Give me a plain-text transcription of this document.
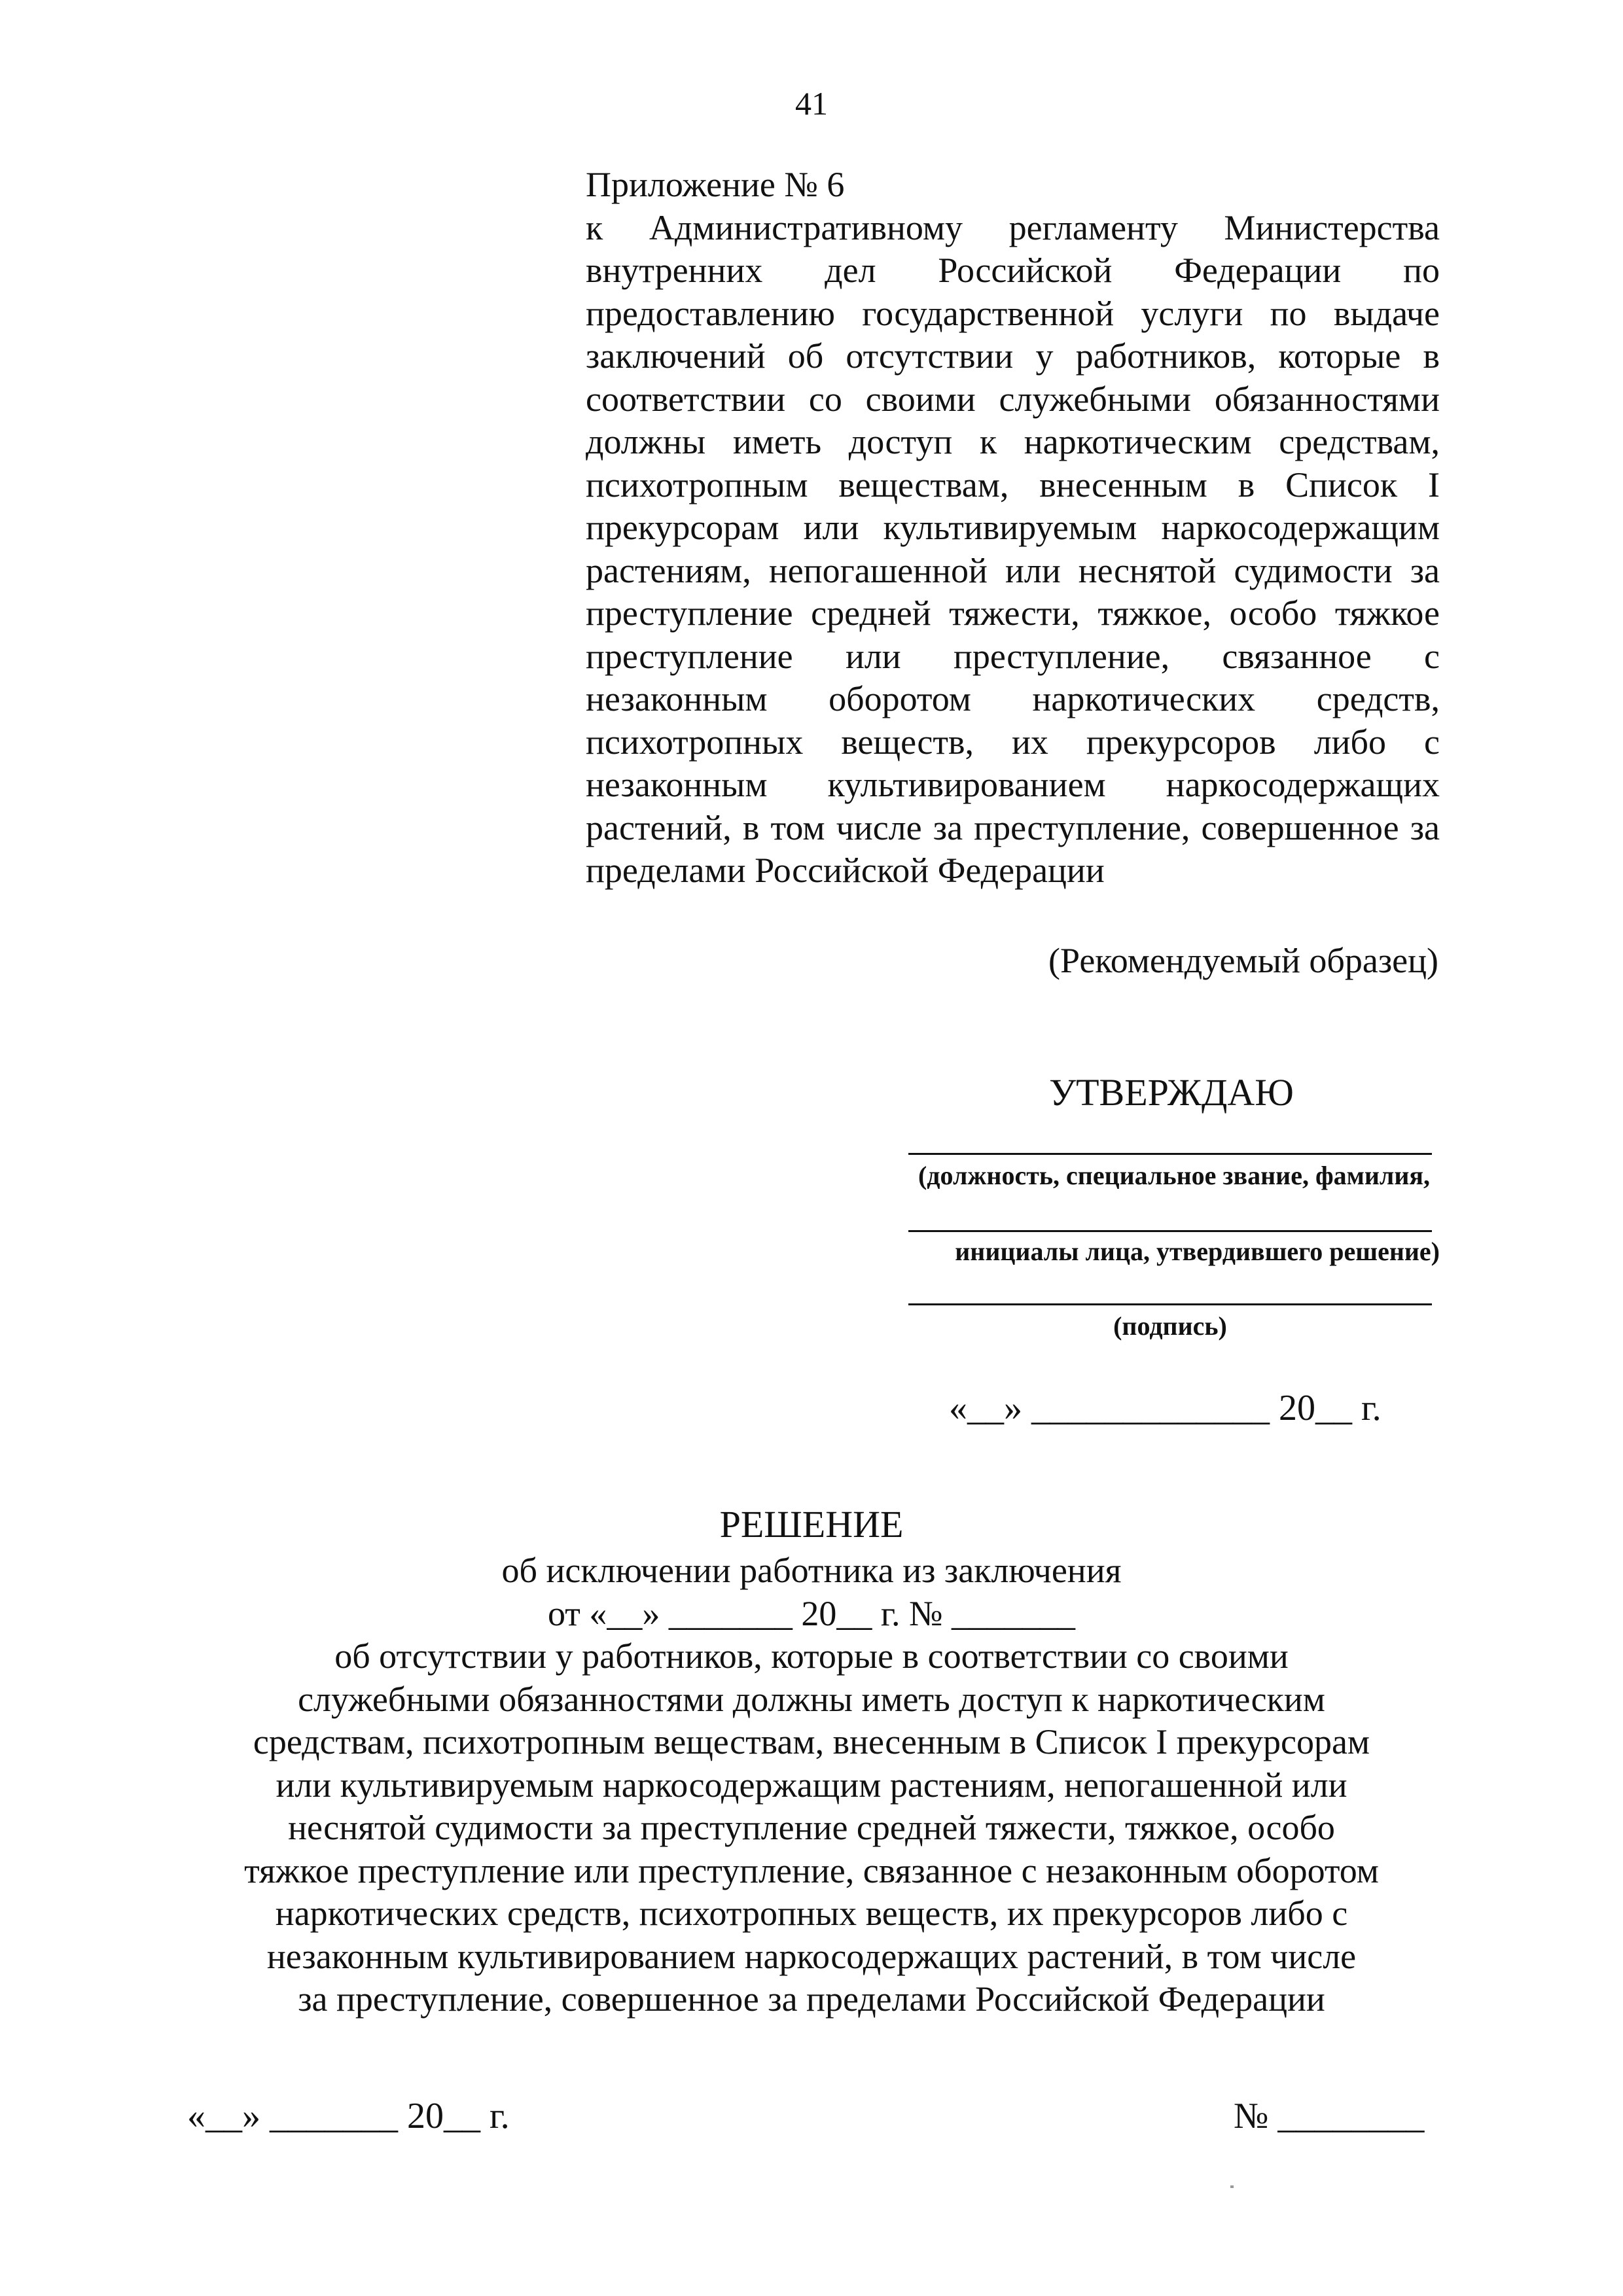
41
Приложение № 6
к Административному регламенту Министерства внутренних дел Российской Федерации по предоставлению государственной услуги по выдаче заключений об отсутствии у работников, которые в соответствии со своими служебными обязанностями должны иметь доступ к наркотическим средствам, психотропным веществам, внесенным в Список I прекурсорам или культивируемым наркосодержащим растениям, непогашенной или неснятой судимости за преступление средней тяжести, тяжкое, особо тяжкое преступление или преступление, связанное с незаконным оборотом наркотических средств, психотропных веществ, их прекурсоров либо с незаконным культивированием наркосодержащих растений, в том числе за преступление, совершенное за пределами Российской Федерации
(Рекомендуемый образец)
УТВЕРЖДАЮ
(должность, специальное звание, фамилия,
инициалы лица, утвердившего решение)
(подпись)
«__» _____________ 20__ г.
РЕШЕНИЕ
об исключении работника из заключения
от «__» _______ 20__ г. № _______
об отсутствии у работников, которые в соответствии со своими
служебными обязанностями должны иметь доступ к наркотическим
средствам, психотропным веществам, внесенным в Список I прекурсорам
или культивируемым наркосодержащим растениям, непогашенной или
неснятой судимости за преступление средней тяжести, тяжкое, особо
тяжкое преступление или преступление, связанное с незаконным оборотом
наркотических средств, психотропных веществ, их прекурсоров либо с
незаконным культивированием наркосодержащих растений, в том числе
за преступление, совершенное за пределами Российской Федерации
«__» _______ 20__ г.	№ ________
